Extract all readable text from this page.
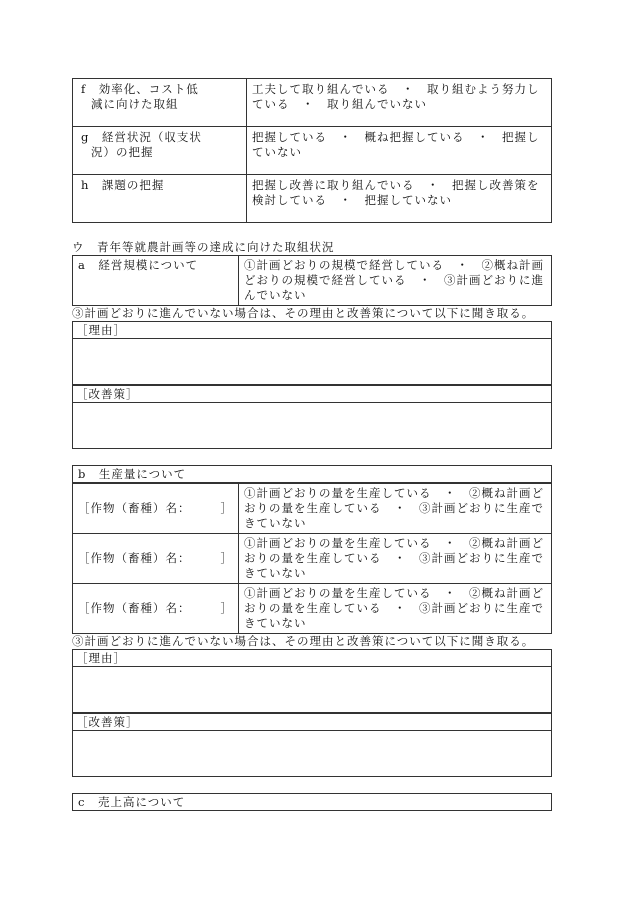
f　効率化、コスト低
減に向けた取組	工夫して取り組んでいる　・　取り組むよう努力している　・　取り組んでいない

g　経営状況（収支状
況）の把握	把握している　・　概ね把握している　・　把握していない

h　課題の把握	把握し改善に取り組んでいる　・　把握し改善策を検討している　・　把握していない
ウ　青年等就農計画等の達成に向けた取組状況
a　経営規模について	①計画どおりの規模で経営している　・　②概ね計画どおりの規模で経営している　・　③計画どおりに進んでいない
③計画どおりに進んでいない場合は、その理由と改善策について以下に聞き取る。
［理由］
［改善策］
b　生産量について
［作物（畜種）名： ］	①計画どおりの量を生産している　・　②概ね計画どおりの量を生産している　・　③計画どおりに生産できていない

［作物（畜種）名： ］	①計画どおりの量を生産している　・　②概ね計画どおりの量を生産している　・　③計画どおりに生産できていない

［作物（畜種）名： ］	①計画どおりの量を生産している　・　②概ね計画どおりの量を生産している　・　③計画どおりに生産できていない
③計画どおりに進んでいない場合は、その理由と改善策について以下に聞き取る。
［理由］
［改善策］
c　売上高について
